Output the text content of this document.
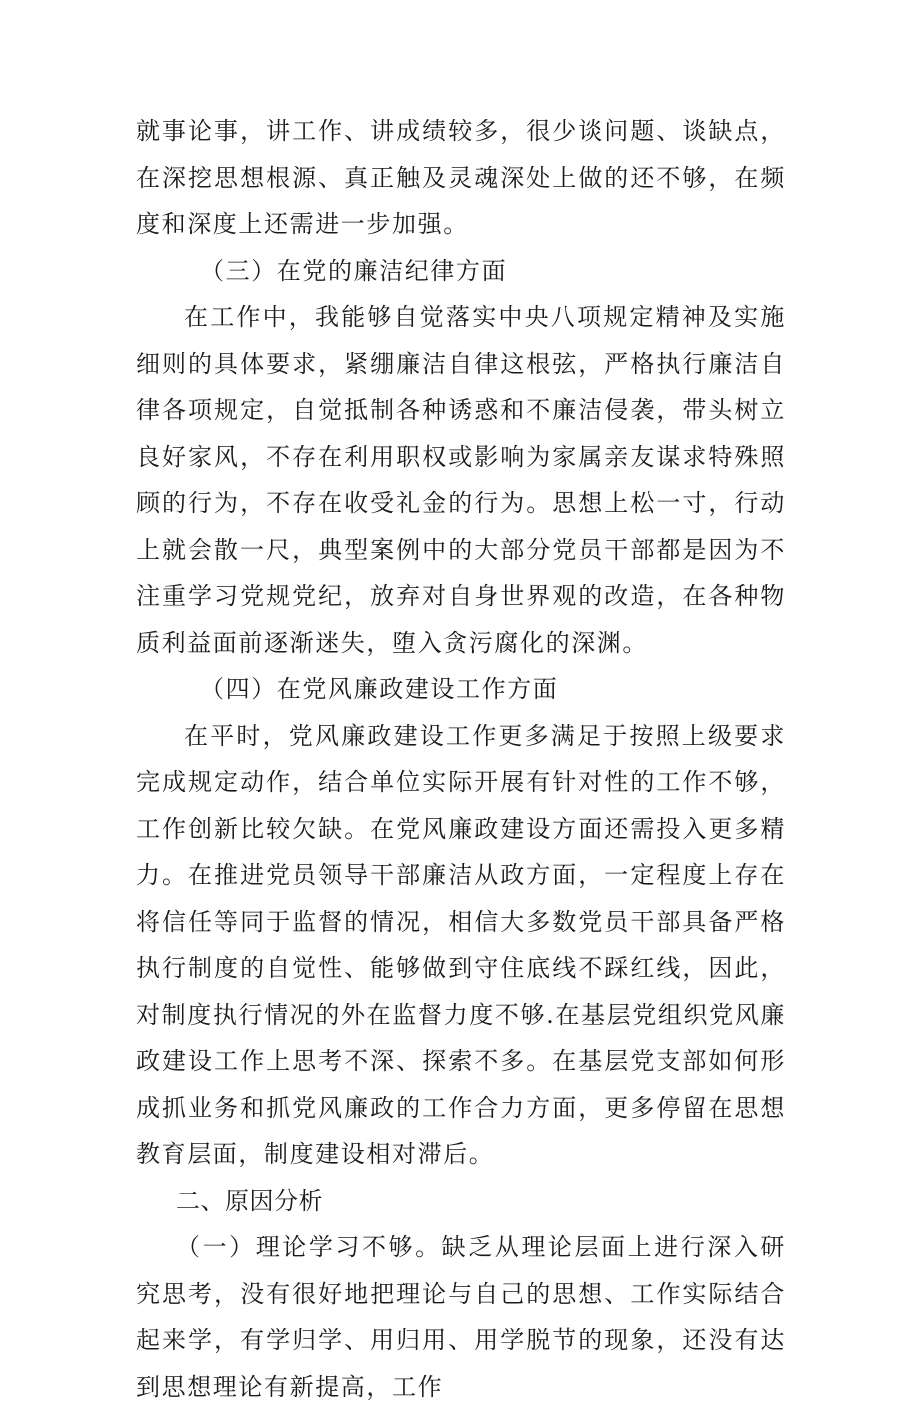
就事论事，讲工作、讲成绩较多，很少谈问题、谈缺点，在深挖思想根源、真正触及灵魂深处上做的还不够，在频度和深度上还需进一步加强。

（三）在党的廉洁纪律方面

在工作中，我能够自觉落实中央八项规定精神及实施细则的具体要求，紧绷廉洁自律这根弦，严格执行廉洁自律各项规定，自觉抵制各种诱惑和不廉洁侵袭，带头树立良好家风，不存在利用职权或影响为家属亲友谋求特殊照顾的行为，不存在收受礼金的行为。思想上松一寸，行动上就会散一尺，典型案例中的大部分党员干部都是因为不注重学习党规党纪，放弃对自身世界观的改造，在各种物质利益面前逐渐迷失，堕入贪污腐化的深渊。

（四）在党风廉政建设工作方面

在平时，党风廉政建设工作更多满足于按照上级要求完成规定动作，结合单位实际开展有针对性的工作不够，工作创新比较欠缺。在党风廉政建设方面还需投入更多精力。在推进党员领导干部廉洁从政方面，一定程度上存在将信任等同于监督的情况，相信大多数党员干部具备严格执行制度的自觉性、能够做到守住底线不踩红线，因此，对制度执行情况的外在监督力度不够.在基层党组织党风廉政建设工作上思考不深、探索不多。在基层党支部如何形成抓业务和抓党风廉政的工作合力方面，更多停留在思想教育层面，制度建设相对滞后。

二、原因分析

（一）理论学习不够。缺乏从理论层面上进行深入研究思考，没有很好地把理论与自己的思想、工作实际结合起来学，有学归学、用归用、用学脱节的现象，还没有达到思想理论有新提高，工作
